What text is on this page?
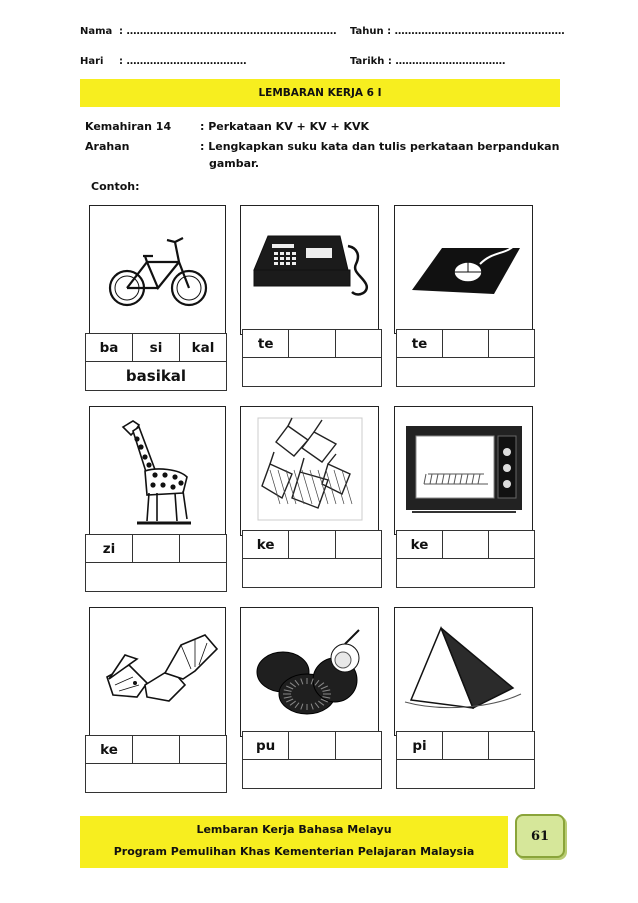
Nama : ……………………………………………………… Tahun : ……………………………………………
Hari : ………………………………	Tarikh : ……………………………
LEMBARAN KERJA 6 I
Kemahiran 14	: Perkataan KV + KV + KVK
Arahan	: Lengkapkan suku kata dan tulis perkataan berpandukan
gambar.
Contoh:
ba	si	kal
basikal
te	te
zi	ke	ke
ke	pu	pi
Lembaran Kerja Bahasa Melayu
Program Pemulihan Khas Kementerian Pelajaran Malaysia
61
